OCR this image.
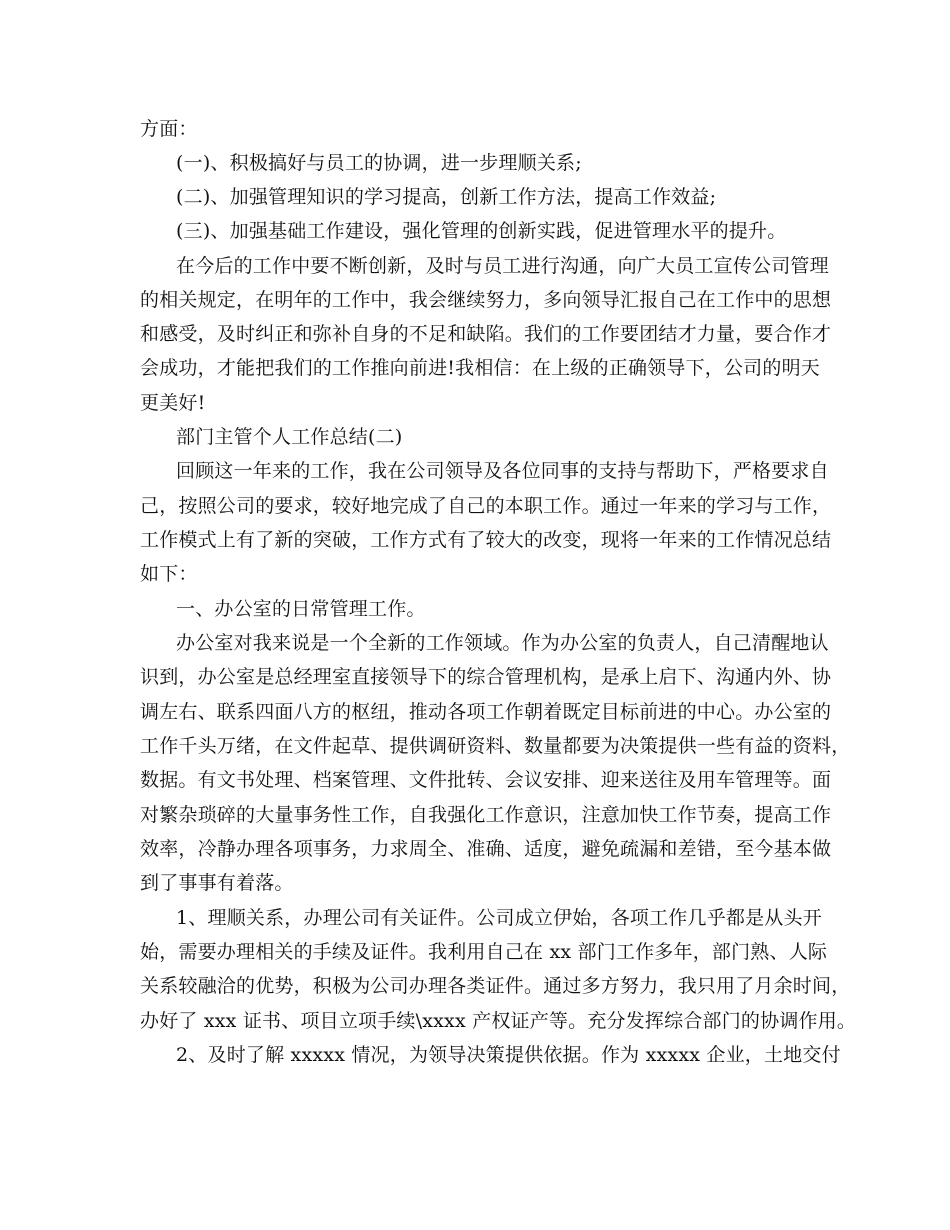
方面：
(一)、积极搞好与员工的协调，进一步理顺关系;
(二)、加强管理知识的学习提高，创新工作方法，提高工作效益;
(三)、加强基础工作建设，强化管理的创新实践，促进管理水平的提升。
在今后的工作中要不断创新，及时与员工进行沟通，向广大员工宣传公司管理
的相关规定，在明年的工作中，我会继续努力，多向领导汇报自己在工作中的思想
和感受，及时纠正和弥补自身的不足和缺陷。我们的工作要团结才力量，要合作才
会成功，才能把我们的工作推向前进!我相信：在上级的正确领导下，公司的明天
更美好!
部门主管个人工作总结(二)
回顾这一年来的工作，我在公司领导及各位同事的支持与帮助下，严格要求自
己，按照公司的要求，较好地完成了自己的本职工作。通过一年来的学习与工作，
工作模式上有了新的突破，工作方式有了较大的改变，现将一年来的工作情况总结
如下：
一、办公室的日常管理工作。
办公室对我来说是一个全新的工作领域。作为办公室的负责人，自己清醒地认
识到，办公室是总经理室直接领导下的综合管理机构，是承上启下、沟通内外、协
调左右、联系四面八方的枢纽，推动各项工作朝着既定目标前进的中心。办公室的
工作千头万绪，在文件起草、提供调研资料、数量都要为决策提供一些有益的资料，
数据。有文书处理、档案管理、文件批转、会议安排、迎来送往及用车管理等。面
对繁杂琐碎的大量事务性工作，自我强化工作意识，注意加快工作节奏，提高工作
效率，冷静办理各项事务，力求周全、准确、适度，避免疏漏和差错，至今基本做
到了事事有着落。
1、理顺关系，办理公司有关证件。公司成立伊始，各项工作几乎都是从头开
始，需要办理相关的手续及证件。我利用自己在 xx 部门工作多年，部门熟、人际
关系较融洽的优势，积极为公司办理各类证件。通过多方努力，我只用了月余时间，
办好了 xxx 证书、项目立项手续\xxxx 产权证产等。充分发挥综合部门的协调作用。
2、及时了解 xxxxx 情况，为领导决策提供依据。作为 xxxxx 企业，土地交付
